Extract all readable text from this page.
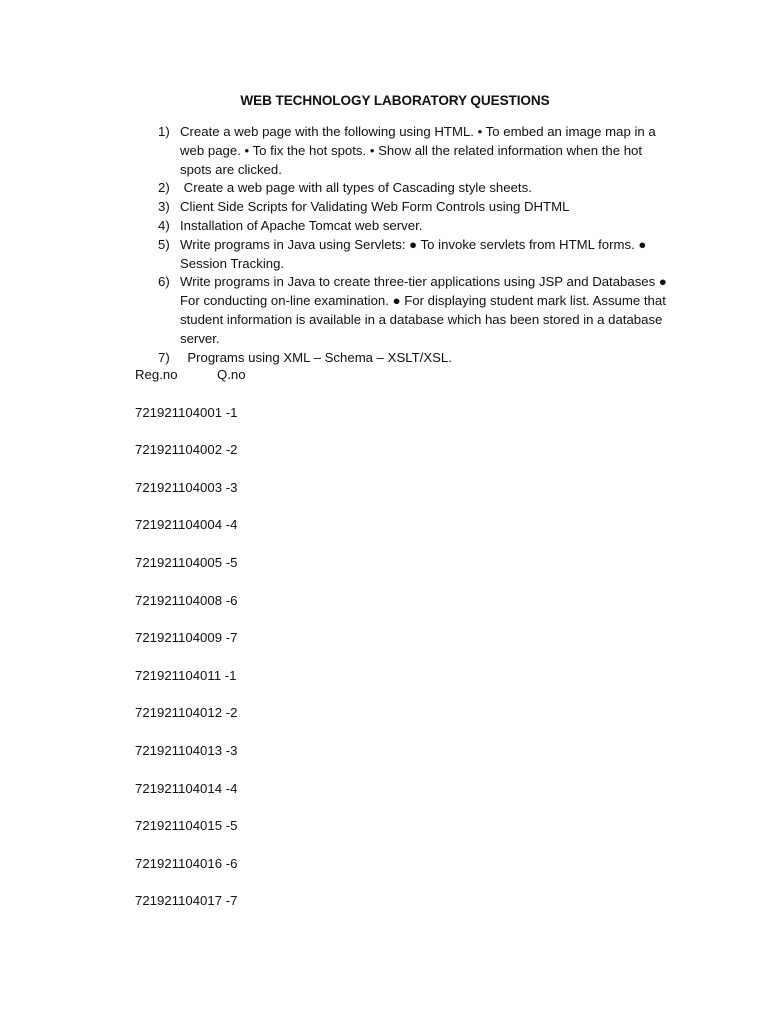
WEB TECHNOLOGY LABORATORY QUESTIONS
1) Create a web page with the following using HTML. • To embed an image map in a web page. • To fix the hot spots. • Show all the related information when the hot spots are clicked.
2) Create a web page with all types of Cascading style sheets.
3) Client Side Scripts for Validating Web Form Controls using DHTML
4) Installation of Apache Tomcat web server.
5) Write programs in Java using Servlets: ● To invoke servlets from HTML forms. ● Session Tracking.
6) Write programs in Java to create three-tier applications using JSP and Databases ● For conducting on-line examination. ● For displaying student mark list. Assume that student information is available in a database which has been stored in a database server.
7) Programs using XML – Schema – XSLT/XSL.
Reg.no	Q.no
721921104001 -1
721921104002 -2
721921104003 -3
721921104004 -4
721921104005 -5
721921104008 -6
721921104009 -7
721921104011 -1
721921104012 -2
721921104013 -3
721921104014 -4
721921104015 -5
721921104016 -6
721921104017 -7
